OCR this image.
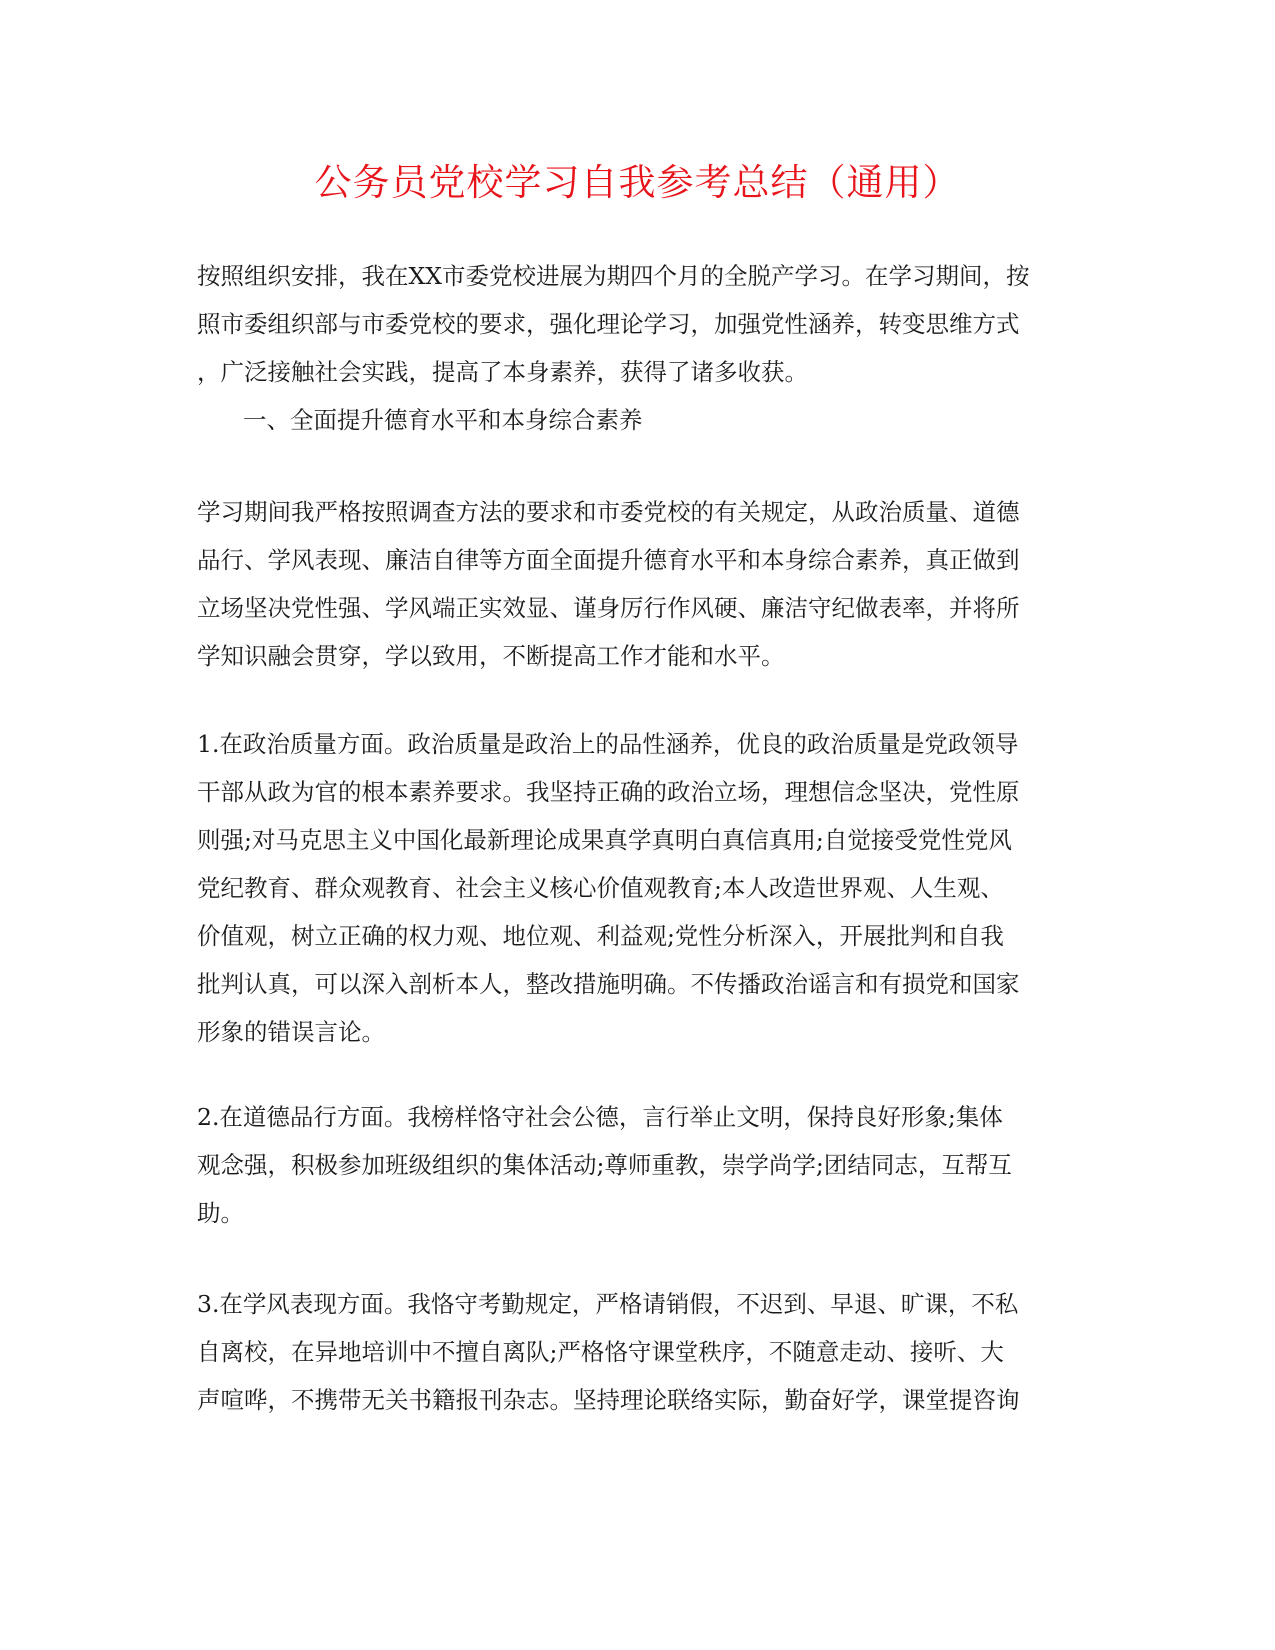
公务员党校学习自我参考总结（通用）

按照组织安排，我在XX市委党校进展为期四个月的全脱产学习。在学习期间，按
照市委组织部与市委党校的要求，强化理论学习，加强党性涵养，转变思维方式
，广泛接触社会实践，提高了本身素养，获得了诸多收获。

一、全面提升德育水平和本身综合素养

学习期间我严格按照调查方法的要求和市委党校的有关规定，从政治质量、道德
品行、学风表现、廉洁自律等方面全面提升德育水平和本身综合素养，真正做到
立场坚决党性强、学风端正实效显、谨身厉行作风硬、廉洁守纪做表率，并将所
学知识融会贯穿，学以致用，不断提高工作才能和水平。

1.在政治质量方面。政治质量是政治上的品性涵养，优良的政治质量是党政领导
干部从政为官的根本素养要求。我坚持正确的政治立场，理想信念坚决，党性原
则强;对马克思主义中国化最新理论成果真学真明白真信真用;自觉接受党性党风
党纪教育、群众观教育、社会主义核心价值观教育;本人改造世界观、人生观、
价值观，树立正确的权力观、地位观、利益观;党性分析深入，开展批判和自我
批判认真，可以深入剖析本人，整改措施明确。不传播政治谣言和有损党和国家
形象的错误言论。

2.在道德品行方面。我榜样恪守社会公德，言行举止文明，保持良好形象;集体
观念强，积极参加班级组织的集体活动;尊师重教，崇学尚学;团结同志，互帮互
助。

3.在学风表现方面。我恪守考勤规定，严格请销假，不迟到、早退、旷课，不私
自离校，在异地培训中不擅自离队;严格恪守课堂秩序，不随意走动、接听、大
声喧哗，不携带无关书籍报刊杂志。坚持理论联络实际，勤奋好学，课堂提咨询
